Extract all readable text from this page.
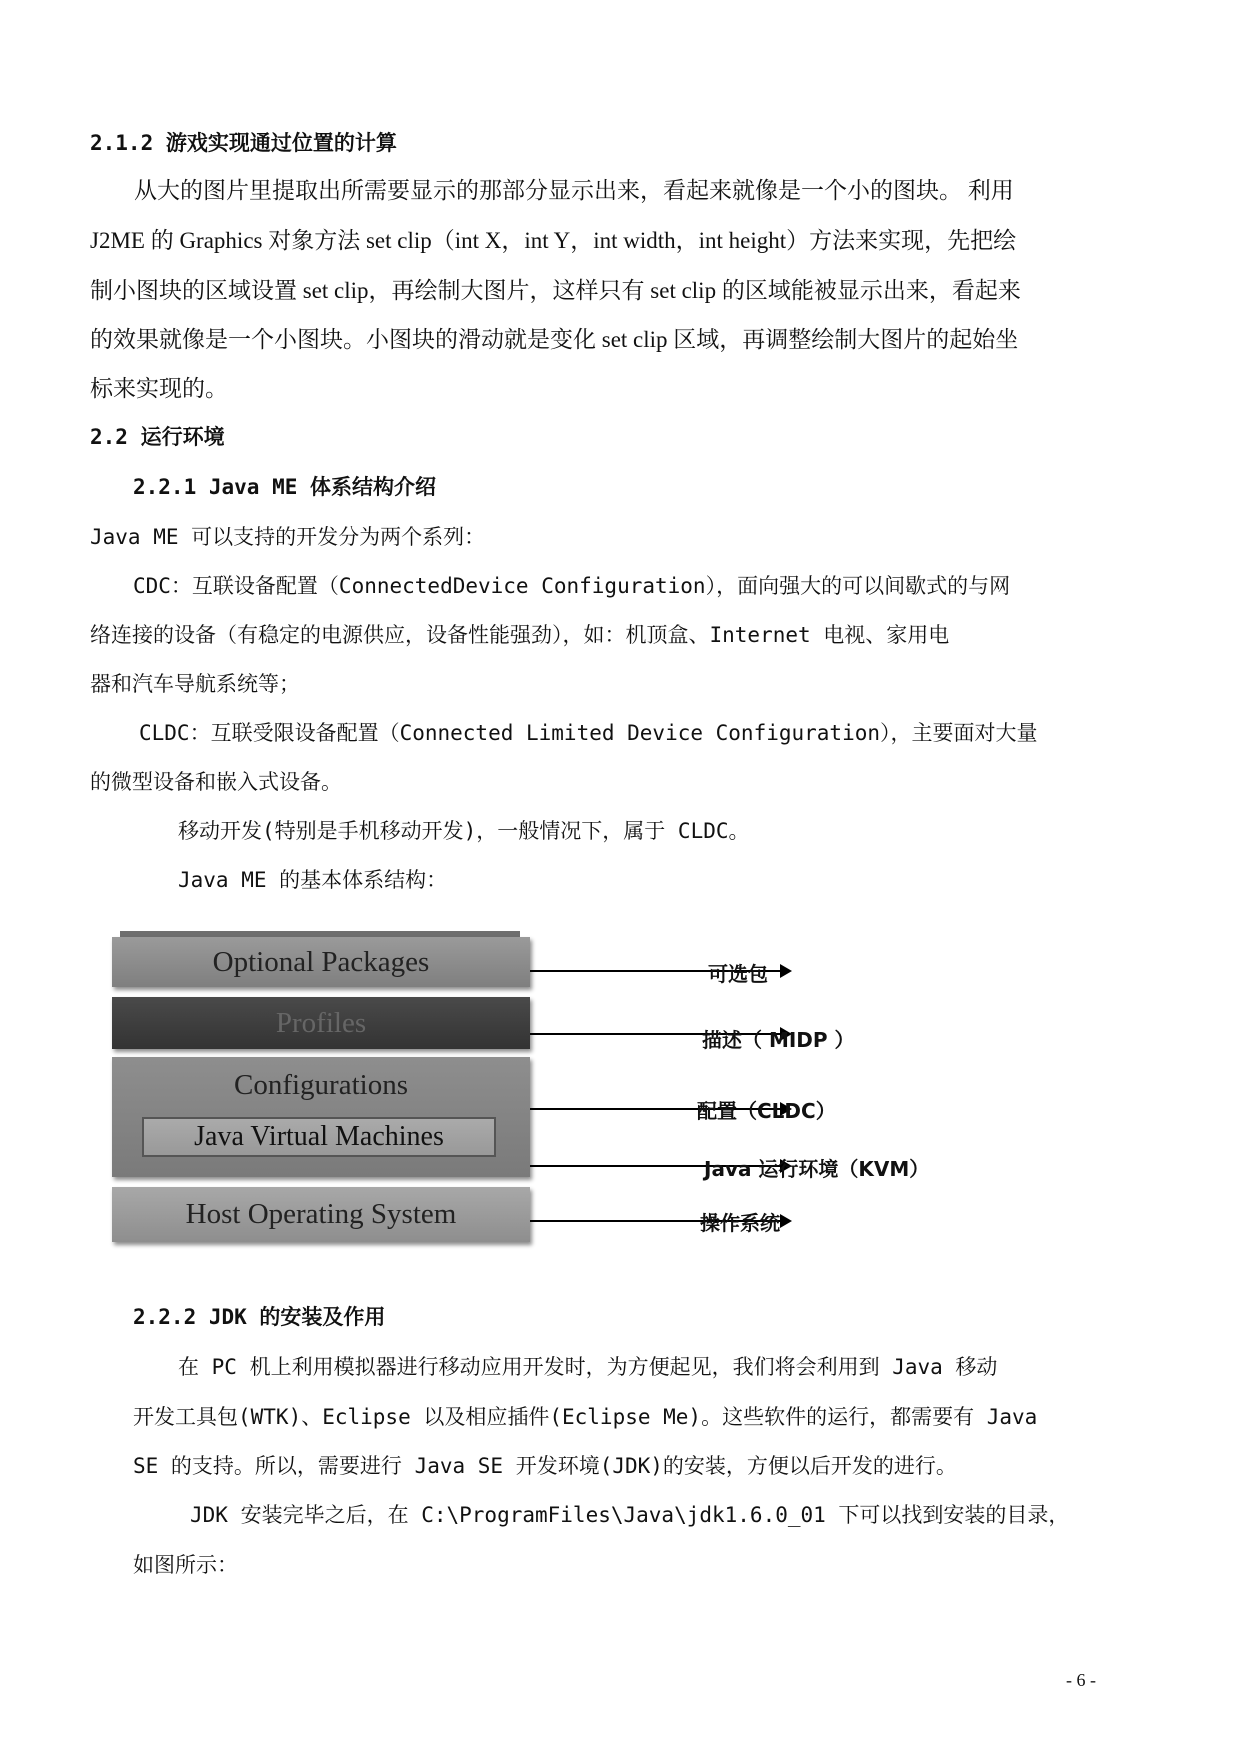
2.1.2 游戏实现通过位置的计算
从大的图片里提取出所需要显示的那部分显示出来，看起来就像是一个小的图块。 利用
J2ME 的 Graphics 对象方法 set clip（int X，int Y，int width，int height）方法来实现，先把绘
制小图块的区域设置 set clip，再绘制大图片，这样只有 set clip 的区域能被显示出来，看起来
的效果就像是一个小图块。小图块的滑动就是变化 set clip 区域，再调整绘制大图片的起始坐
标来实现的。
2.2 运行环境
2.2.1 Java ME 体系结构介绍
Java ME 可以支持的开发分为两个系列：
CDC：互联设备配置（ConnectedDevice Configuration），面向强大的可以间歇式的与网
络连接的设备（有稳定的电源供应，设备性能强劲），如：机顶盒、Internet 电视、家用电
器和汽车导航系统等；
CLDC：互联受限设备配置（Connected Limited Device Configuration），主要面对大量
的微型设备和嵌入式设备。
移动开发(特别是手机移动开发)，一般情况下，属于 CLDC。
Java ME 的基本体系结构：
Optional Packages
Profiles
Configurations
Java Virtual Machines
Host Operating System
可选包
描述（ MIDP ）
配置（CLDC）
Java 运行环境（KVM）
操作系统
2.2.2 JDK 的安装及作用
在 PC 机上利用模拟器进行移动应用开发时，为方便起见，我们将会利用到 Java 移动
开发工具包(WTK)、Eclipse 以及相应插件(Eclipse Me)。这些软件的运行，都需要有 Java
SE 的支持。所以，需要进行 Java SE 开发环境(JDK)的安装，方便以后开发的进行。
JDK 安装完毕之后，在 C:\ProgramFiles\Java\jdk1.6.0_01 下可以找到安装的目录，
如图所示：
- 6 -
